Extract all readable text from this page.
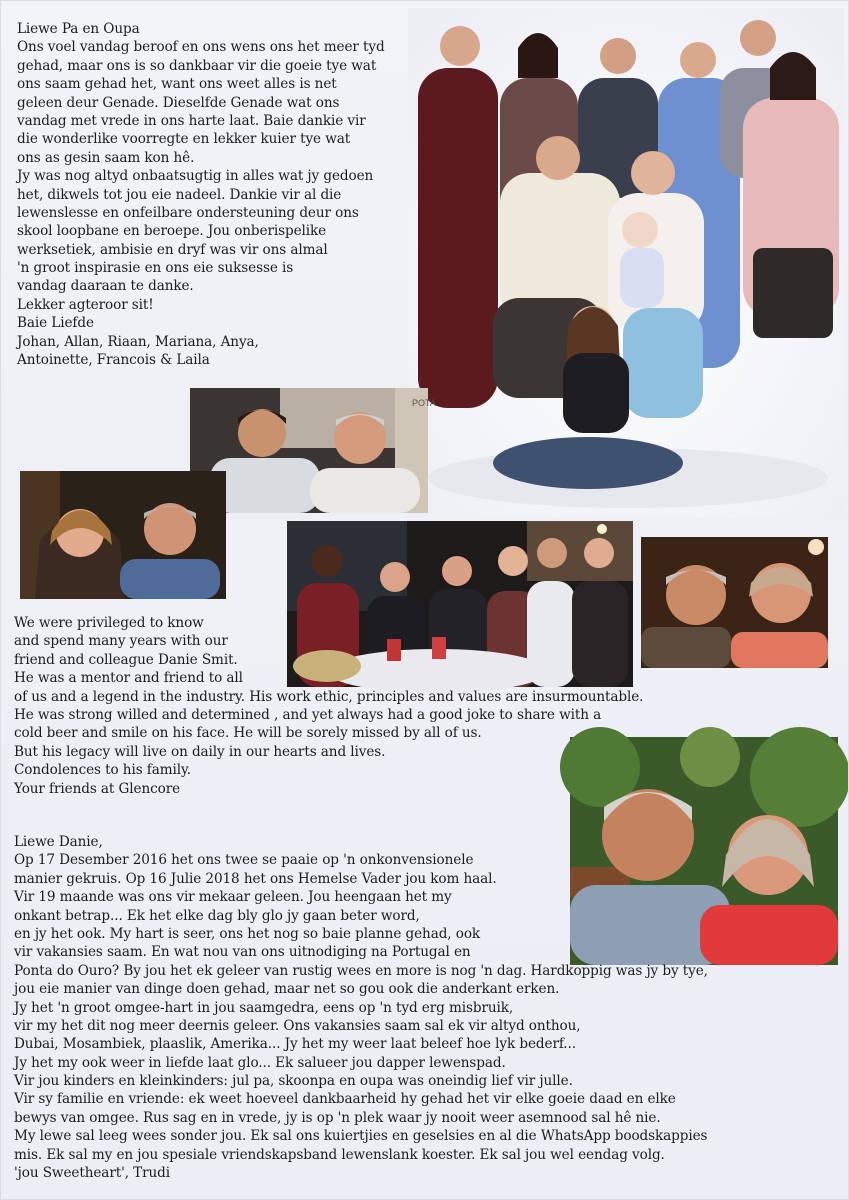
POTA
Liewe Pa en Oupa
Ons voel vandag beroof en ons wens ons het meer tyd
gehad, maar ons is so dankbaar vir die goeie tye wat
ons saam gehad het, want ons weet alles is net
geleen deur Genade. Dieselfde Genade wat ons
vandag met vrede in ons harte laat. Baie dankie vir
die wonderlike voorregte en lekker kuier tye wat
ons as gesin saam kon hê.
Jy was nog altyd onbaatsugtig in alles wat jy gedoen
het, dikwels tot jou eie nadeel. Dankie vir al die
lewenslesse en onfeilbare ondersteuning deur ons
skool loopbane en beroepe. Jou onberispelike
werksetiek, ambisie en dryf was vir ons almal
'n groot inspirasie en ons eie suksesse is
vandag daaraan te danke.
Lekker agteroor sit!
Baie Liefde
Johan, Allan, Riaan, Mariana, Anya,
Antoinette, Francois & Laila
We were privileged to know
and spend many years with our
friend and colleague Danie Smit.
He was a mentor and friend to all
of us and a legend in the industry. His work ethic, principles and values are insurmountable.
He was strong willed and determined , and yet always had a good joke to share with a
cold beer and smile on his face. He will be sorely missed by all of us.
But his legacy will live on daily in our hearts and lives.
Condolences to his family.
Your friends at Glencore
Liewe Danie,
Op 17 Desember 2016 het ons twee se paaie op 'n onkonvensionele
manier gekruis. Op 16 Julie 2018 het ons Hemelse Vader jou kom haal.
Vir 19 maande was ons vir mekaar geleen. Jou heengaan het my
onkant betrap... Ek het elke dag bly glo jy gaan beter word,
en jy het ook. My hart is seer, ons het nog so baie planne gehad, ook
vir vakansies saam. En wat nou van ons uitnodiging na Portugal en
Ponta do Ouro? By jou het ek geleer van rustig wees en more is nog 'n dag. Hardkoppig was jy by tye,
jou eie manier van dinge doen gehad, maar net so gou ook die anderkant erken.
Jy het 'n groot omgee-hart in jou saamgedra, eens op 'n tyd erg misbruik,
vir my het dit nog meer deernis geleer. Ons vakansies saam sal ek vir altyd onthou,
Dubai, Mosambiek, plaaslik, Amerika... Jy het my weer laat beleef hoe lyk bederf...
Jy het my ook weer in liefde laat glo... Ek salueer jou dapper lewenspad.
Vir jou kinders en kleinkinders: jul pa, skoonpa en oupa was oneindig lief vir julle.
Vir sy familie en vriende: ek weet hoeveel dankbaarheid hy gehad het vir elke goeie daad en elke
bewys van omgee. Rus sag en in vrede, jy is op 'n plek waar jy nooit weer asemnood sal hê nie.
My lewe sal leeg wees sonder jou. Ek sal ons kuiertjies en geselsies en al die WhatsApp boodskappies
mis. Ek sal my en jou spesiale vriendskapsband lewenslank koester. Ek sal jou wel eendag volg.
'jou Sweetheart', Trudi
